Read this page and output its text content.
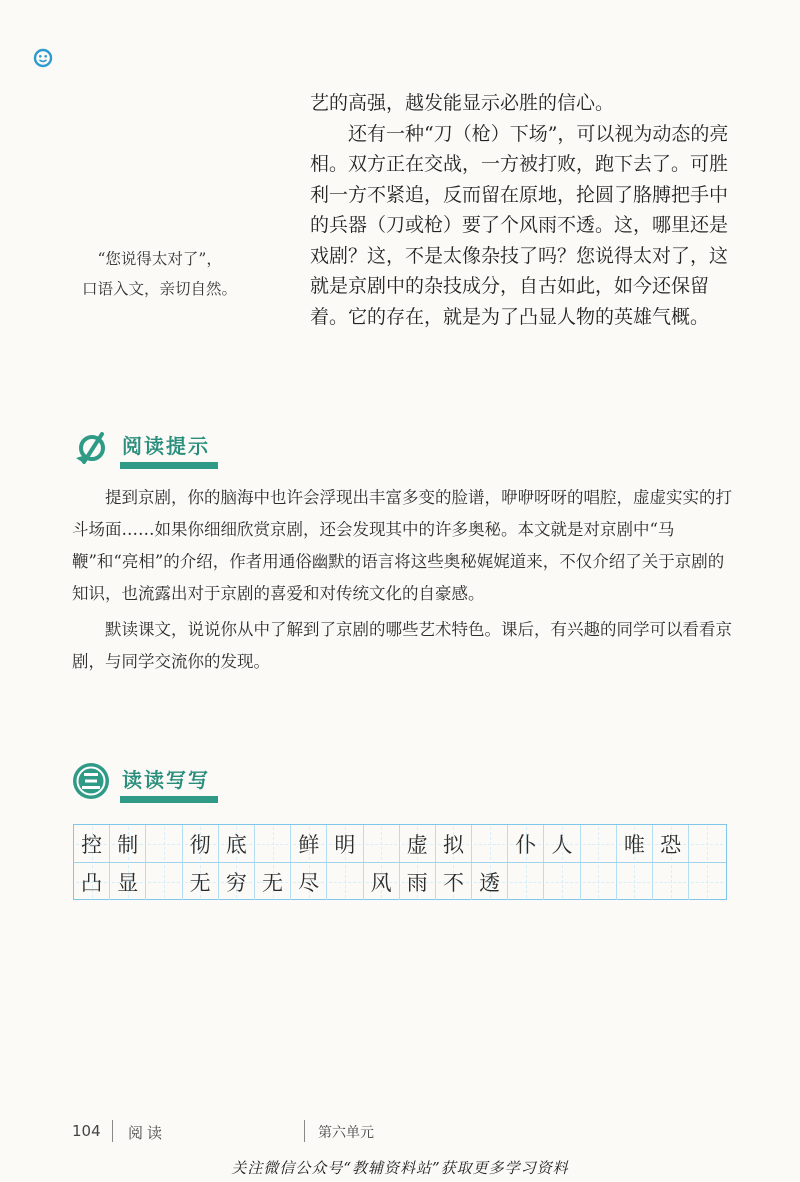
艺的高强，越发能显示必胜的信心。

还有一种“刀（枪）下场”，可以视为动态的亮相。双方正在交战，一方被打败，跑下去了。可胜利一方不紧追，反而留在原地，抡圆了胳膊把手中的兵器（刀或枪）要了个风雨不透。这，哪里还是戏剧？这，不是太像杂技了吗？您说得太对了，这就是京剧中的杂技成分，自古如此，如今还保留着。它的存在，就是为了凸显人物的英雄气概。

“您说得太对了”，

口语入文，亲切自然。

阅读提示

提到京剧，你的脑海中也许会浮现出丰富多变的脸谱，咿咿呀呀的唱腔，虚虚实实的打斗场面……如果你细细欣赏京剧，还会发现其中的许多奥秘。本文就是对京剧中“马鞭”和“亮相”的介绍，作者用通俗幽默的语言将这些奥秘娓娓道来，不仅介绍了关于京剧的知识，也流露出对于京剧的喜爱和对传统文化的自豪感。

默读课文，说说你从中了解到了京剧的哪些艺术特色。课后，有兴趣的同学可以看看京剧，与同学交流你的发现。

读读写写
控 制 彻 底 鲜 明 虚 拟 仆 人 唯 恐
凸 显 无 穷 无 尽 风 雨 不 透
104 阅读	第六单元
关注微信公众号“教辅资料站”获取更多学习资料
